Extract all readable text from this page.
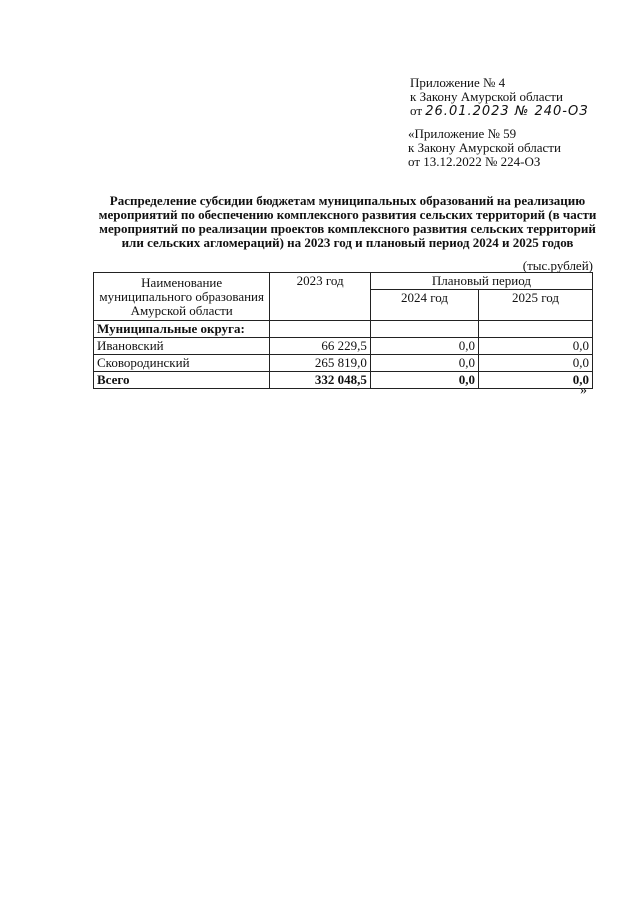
Приложение № 4
к Закону Амурской области
от 26.01.2023 № 240-ОЗ
«Приложение № 59
к Закону Амурской области
от 13.12.2022 № 224-ОЗ
Распределение субсидии бюджетам муниципальных образований на реализацию мероприятий по обеспечению комплексного развития сельских территорий (в части мероприятий по реализации проектов комплексного развития сельских территорий или сельских агломераций) на 2023 год и плановый период 2024 и 2025 годов
(тыс.рублей)
Наименование муниципального образования Амурской области	2023 год	Плановый период	
		2024 год	2025 год
Муниципальные округа:			
Ивановский	66 229,5	0,0	0,0
Сковородинский	265 819,0	0,0	0,0
Всего	332 048,5	0,0	0,0
»
